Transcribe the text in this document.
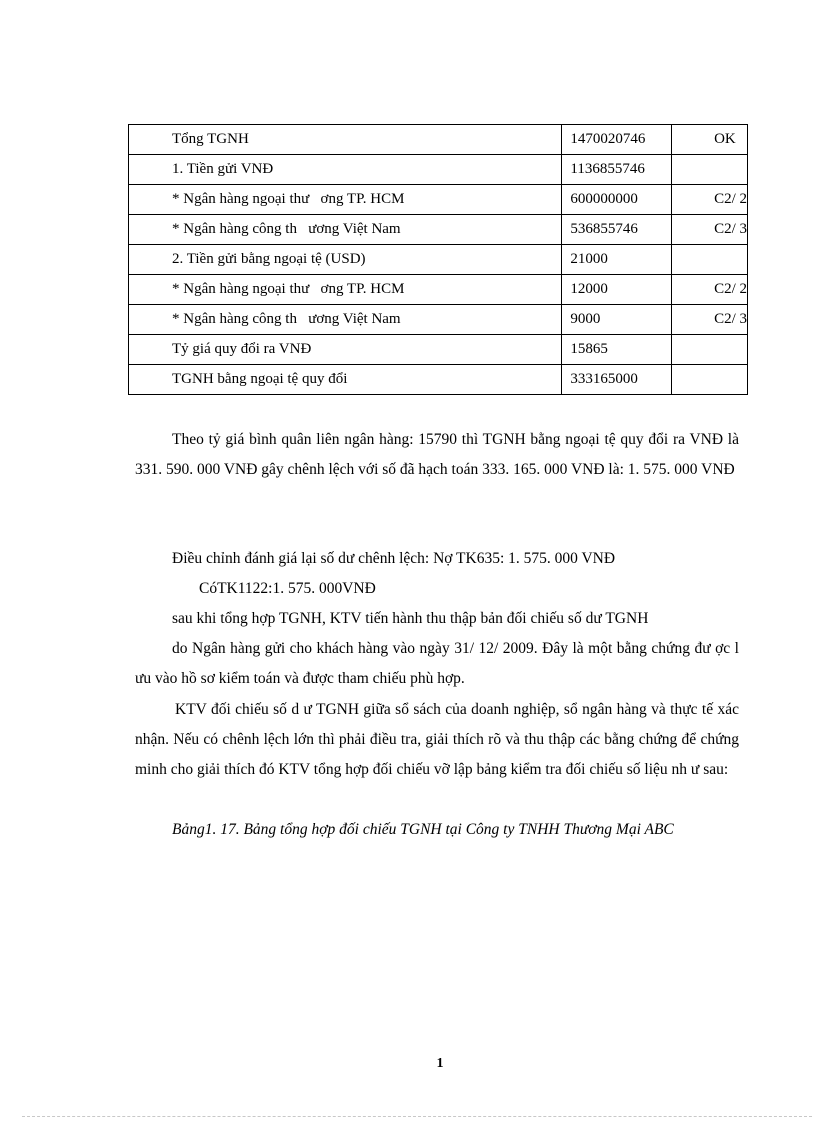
Tổng TGNH	1470020746	OK
1. Tiền gửi VNĐ	1136855746	
* Ngân hàng ngoại thư   ơng TP. HCM	600000000	C2/ 2
* Ngân hàng công th   ương Việt Nam	536855746	C2/ 3
2. Tiền gửi bằng ngoại tệ (USD)	21000	
* Ngân hàng ngoại thư   ơng TP. HCM	12000	C2/ 2
* Ngân hàng công th   ương Việt Nam	9000	C2/ 3
Tỷ giá quy đổi ra VNĐ	15865	
TGNH bằng ngoại tệ quy đổi	333165000	
Theo tỷ giá bình quân liên ngân hàng: 15790 thì TGNH bằng ngoại tệ quy đổi ra VNĐ là 331. 590. 000 VNĐ gây chênh lệch với số đã hạch toán 333. 165. 000 VNĐ là: 1. 575. 000 VNĐ
Điều chỉnh đánh giá lại số dư chênh lệch: Nợ TK635: 1. 575. 000 VNĐ
CóTK1122:1. 575. 000VNĐ
sau khi tổng hợp TGNH, KTV tiến hành thu thập bản đối chiếu số dư TGNH
do Ngân hàng gửi cho khách hàng vào ngày 31/ 12/ 2009. Đây là một bằng chứng đư ợc l ưu vào hồ sơ kiểm toán và được tham chiếu phù hợp.
KTV đối chiếu số d ư TGNH giữa sổ sách của doanh nghiệp, sổ ngân hàng và thực tế xác nhận. Nếu có chênh lệch lớn thì phải điều tra, giải thích rõ và thu thập các bằng chứng để chứng minh cho giải thích đó KTV tổng hợp đối chiếu vỡ lập bảng kiểm tra đối chiếu số liệu nh ư sau:
Bảng1. 17. Bảng tổng hợp đối chiếu TGNH tại Công ty TNHH Thương Mại ABC
1
